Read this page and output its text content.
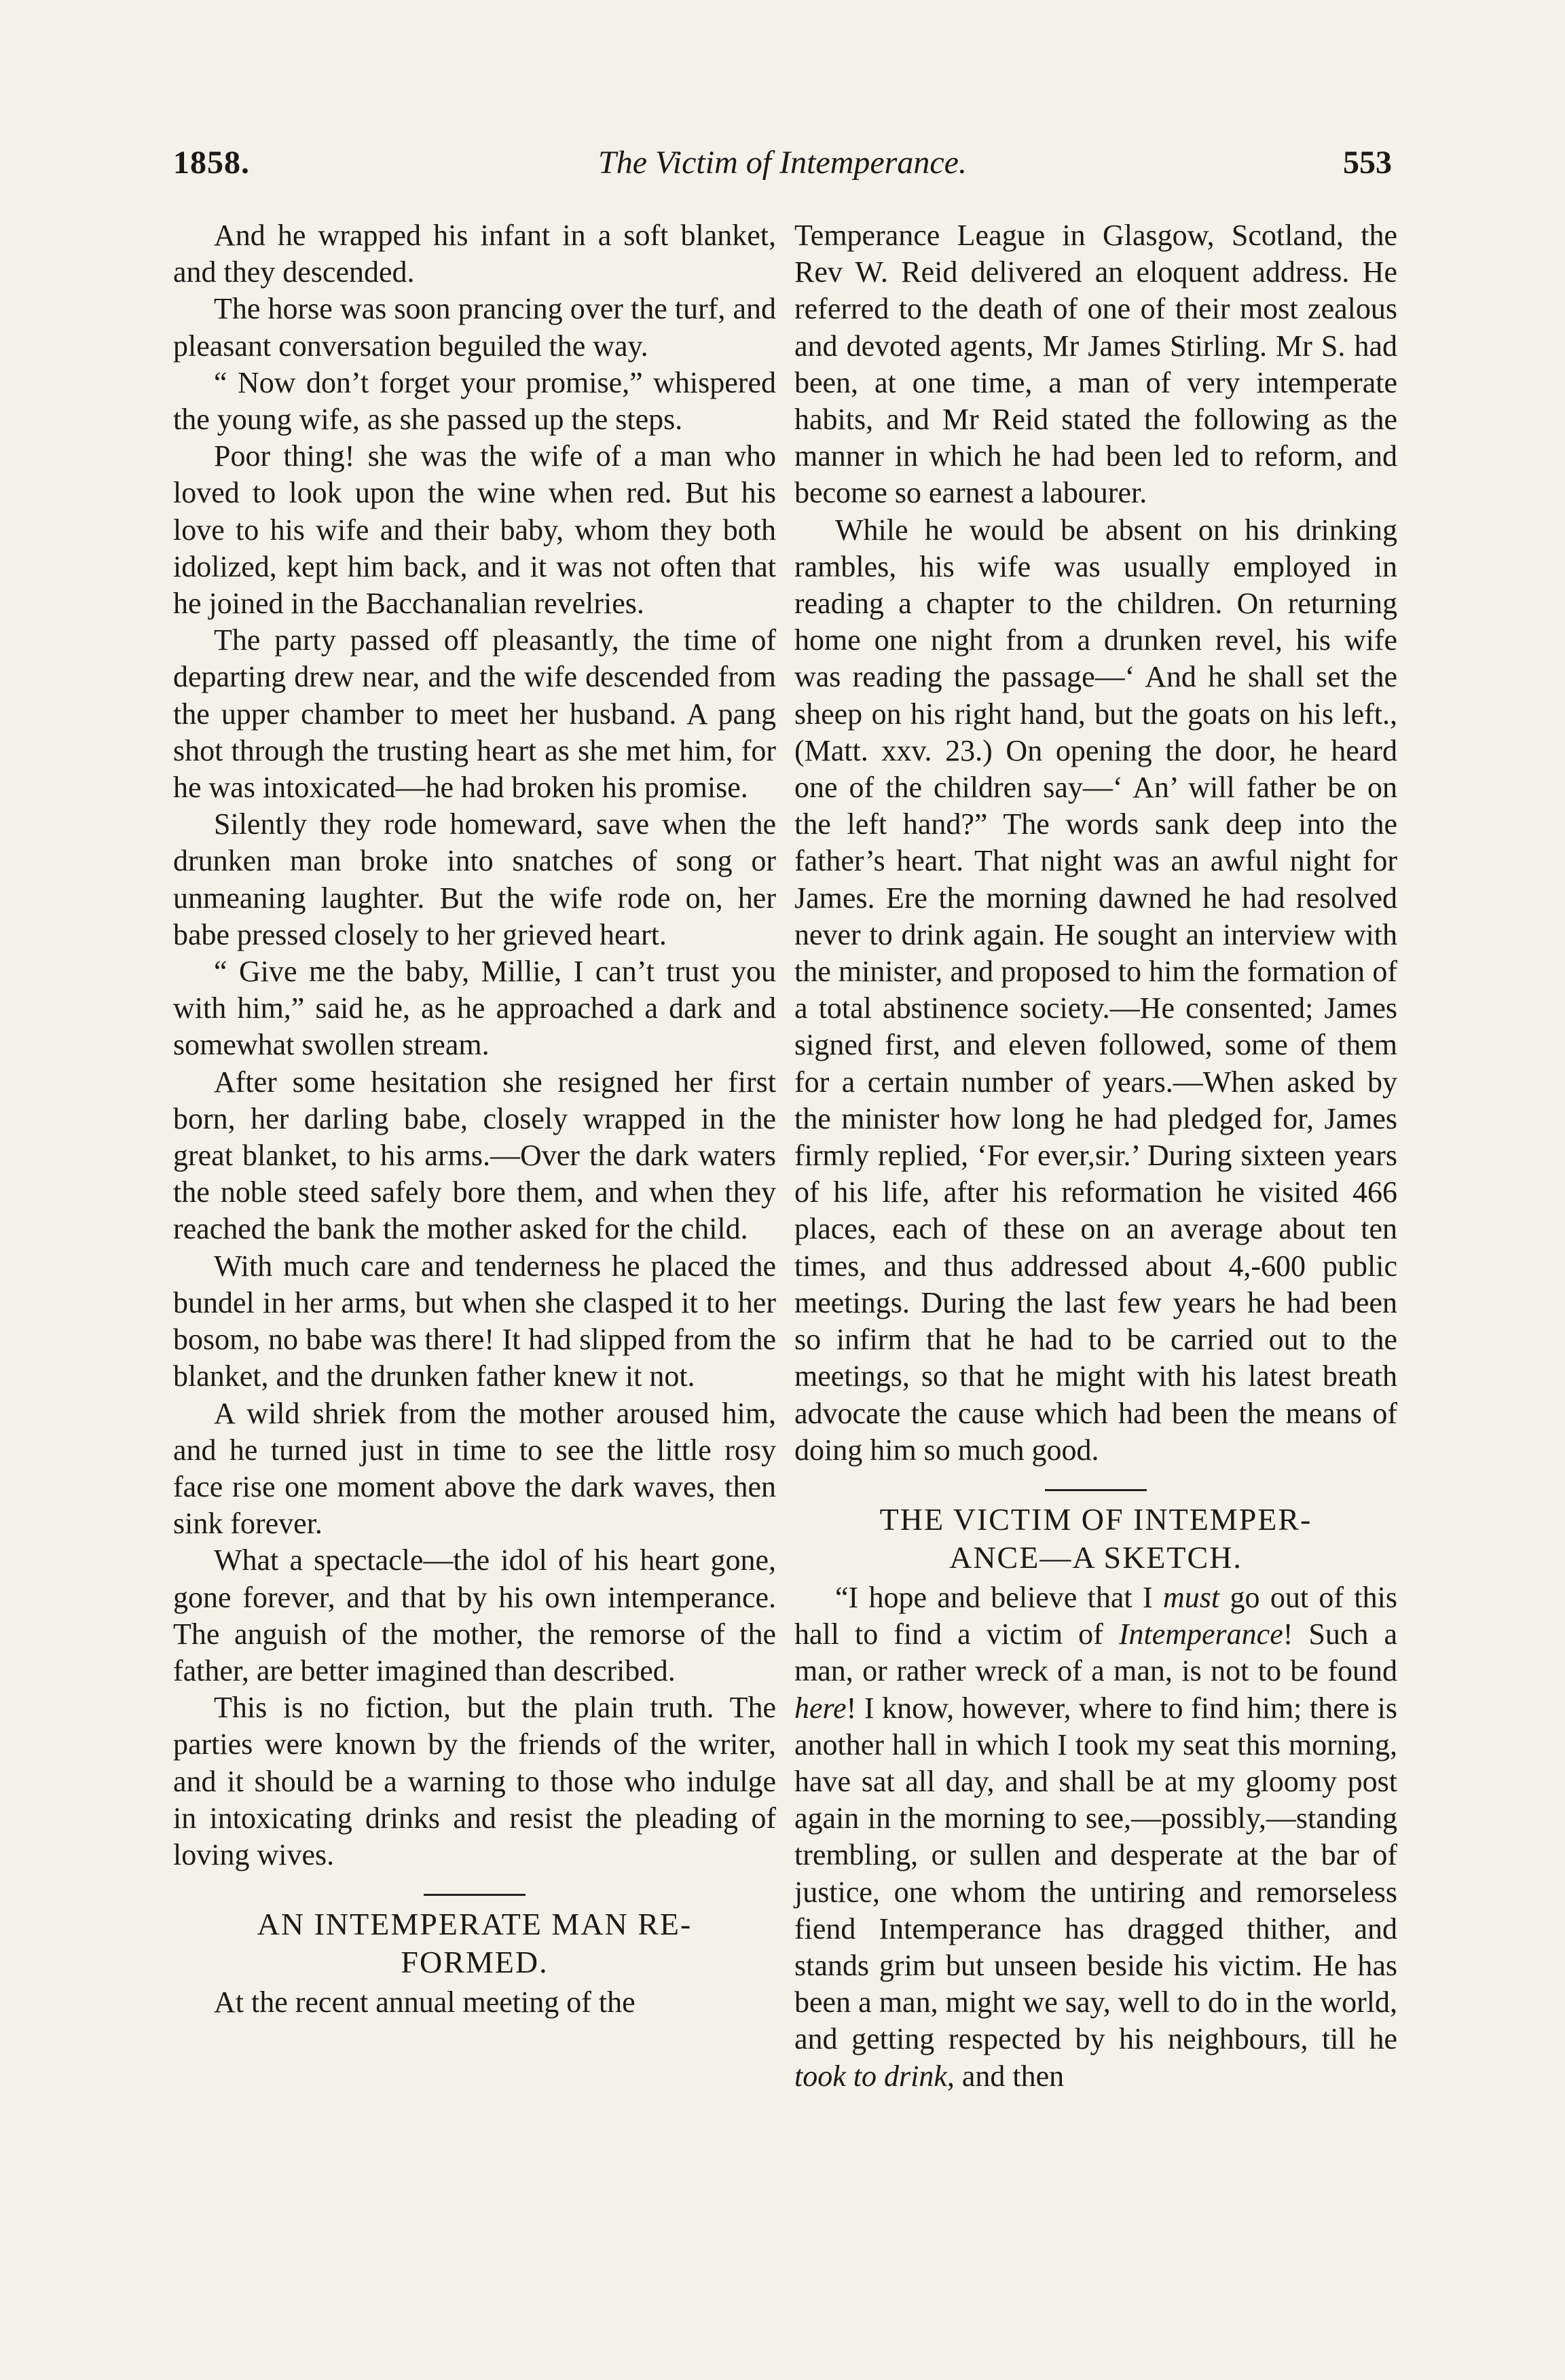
1858.	The Victim of Intemperance.	553

And he wrapped his infant in a soft blanket, and they descended.

The horse was soon prancing over the turf, and pleasant conversation beguiled the way.

“ Now don’t forget your promise,” whispered the young wife, as she passed up the steps.

Poor thing! she was the wife of a man who loved to look upon the wine when red. But his love to his wife and their baby, whom they both idolized, kept him back, and it was not often that he joined in the Bacchanalian revelries.

The party passed off pleasantly, the time of departing drew near, and the wife descended from the upper chamber to meet her husband. A pang shot through the trusting heart as she met him, for he was intoxicated—he had broken his promise.

Silently they rode homeward, save when the drunken man broke into snatches of song or unmeaning laughter. But the wife rode on, her babe pressed closely to her grieved heart.

“ Give me the baby, Millie, I can’t trust you with him,” said he, as he approached a dark and somewhat swollen stream.

After some hesitation she resigned her first born, her darling babe, closely wrapped in the great blanket, to his arms.—Over the dark waters the noble steed safely bore them, and when they reached the bank the mother asked for the child.

With much care and tenderness he placed the bundel in her arms, but when she clasped it to her bosom, no babe was there! It had slipped from the blanket, and the drunken father knew it not.

A wild shriek from the mother aroused him, and he turned just in time to see the little rosy face rise one moment above the dark waves, then sink forever.

What a spectacle—the idol of his heart gone, gone forever, and that by his own intemperance. The anguish of the mother, the remorse of the father, are better imagined than described.

This is no fiction, but the plain truth. The parties were known by the friends of the writer, and it should be a warning to those who indulge in intoxicating drinks and resist the pleading of loving wives.

AN INTEMPERATE MAN RE-
FORMED.

At the recent annual meeting of the

Temperance League in Glasgow, Scotland, the Rev W. Reid delivered an eloquent address. He referred to the death of one of their most zealous and devoted agents, Mr James Stirling. Mr S. had been, at one time, a man of very intemperate habits, and Mr Reid stated the following as the manner in which he had been led to reform, and become so earnest a labourer.

While he would be absent on his drinking rambles, his wife was usually employed in reading a chapter to the children. On returning home one night from a drunken revel, his wife was reading the passage—‘ And he shall set the sheep on his right hand, but the goats on his left., (Matt. xxv. 23.) On opening the door, he heard one of the children say—‘ An’ will father be on the left hand?” The words sank deep into the father’s heart. That night was an awful night for James. Ere the morning dawned he had resolved never to drink again. He sought an interview with the minister, and proposed to him the formation of a total abstinence society.—He consented; James signed first, and eleven followed, some of them for a certain number of years.—When asked by the minister how long he had pledged for, James firmly replied, ‘For ever,sir.’ During sixteen years of his life, after his reformation he visited 466 places, each of these on an average about ten times, and thus addressed about 4,-600 public meetings. During the last few years he had been so infirm that he had to be carried out to the meetings, so that he might with his latest breath advocate the cause which had been the means of doing him so much good.

THE VICTIM OF INTEMPER-
ANCE—A SKETCH.

“I hope and believe that I must go out of this hall to find a victim of Intemperance! Such a man, or rather wreck of a man, is not to be found here! I know, however, where to find him; there is another hall in which I took my seat this morning, have sat all day, and shall be at my gloomy post again in the morning to see,—possibly,—standing trembling, or sullen and desperate at the bar of justice, one whom the untiring and remorseless fiend Intemperance has dragged thither, and stands grim but unseen beside his victim. He has been a man, might we say, well to do in the world, and getting respected by his neighbours, till he took to drink, and then
